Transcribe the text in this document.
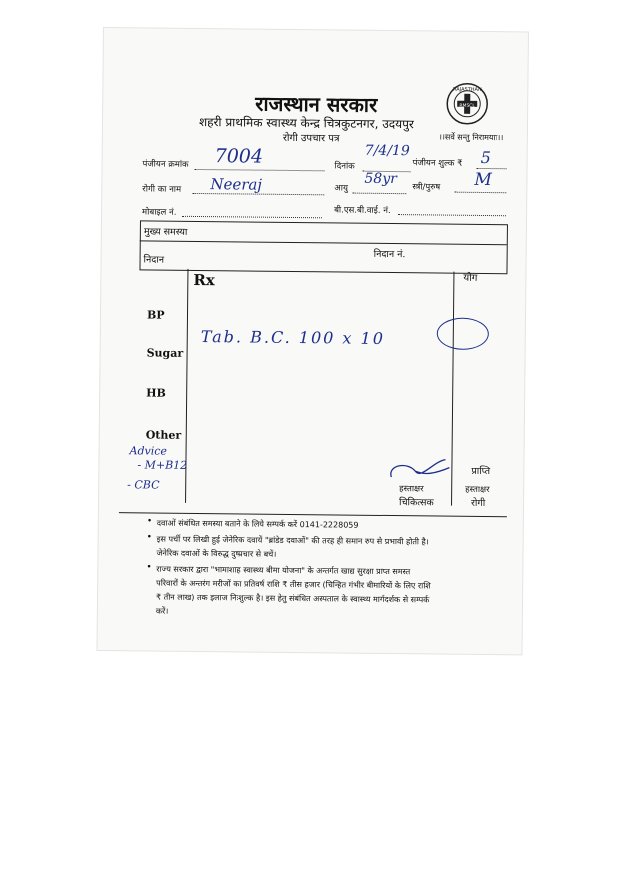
राजस्थान सरकार
शहरी प्राथमिक स्वास्थ्य केन्द्र चित्रकुटनगर, उदयपुर
रोगी उपचार पत्र	।।सर्वे सन्तु निरामयाः।।
RAJASTHAN
RMSCL
पंजीयन क्रमांक 7004	दिनांक
7/4/19
पंजीयन शुल्क ₹ 5
रोगी का नाम Neeraj	आयु
58yr
स्त्री/पुरुष M
मोबाइल नं.	बी.एस.बी.वाई. नं.
मुख्य समस्या
निदान	निदान नं.
Rx	योग
BP
Sugar
HB
Other
Advice
- M+B12
- CBC
Tab. B.C. 100 x 10
हस्ताक्षर
चिकित्सक
प्राप्ति
हस्ताक्षर
रोगी
• दवाओं संबंधित समस्या बताने के लिये सम्पर्क करें 0141-2228059
• इस पर्ची पर लिखी हुई जेनेरिक दवायें "ब्रांडेड दवाओं" की तरह ही समान रुप से प्रभावी होती है।
जेनेरिक दवाओं के विरुद्ध दुष्प्रचार से बचें।
• राज्य सरकार द्वारा "भामाशाह स्वास्थ्य बीमा योजना" के अन्तर्गत खाद्य सुरक्षा प्राप्त समस्त
परिवारों के अन्तरंग मरीजों का प्रतिवर्ष राशि ₹ तीस हजार (चिन्हित गंभीर बीमारियों के लिए राशि
₹ तीन लाख) तक इलाज निःशुल्क है। इस हेतु संबंधित अस्पताल के स्वास्थ्य मार्गदर्शक से सम्पर्क
करें।
